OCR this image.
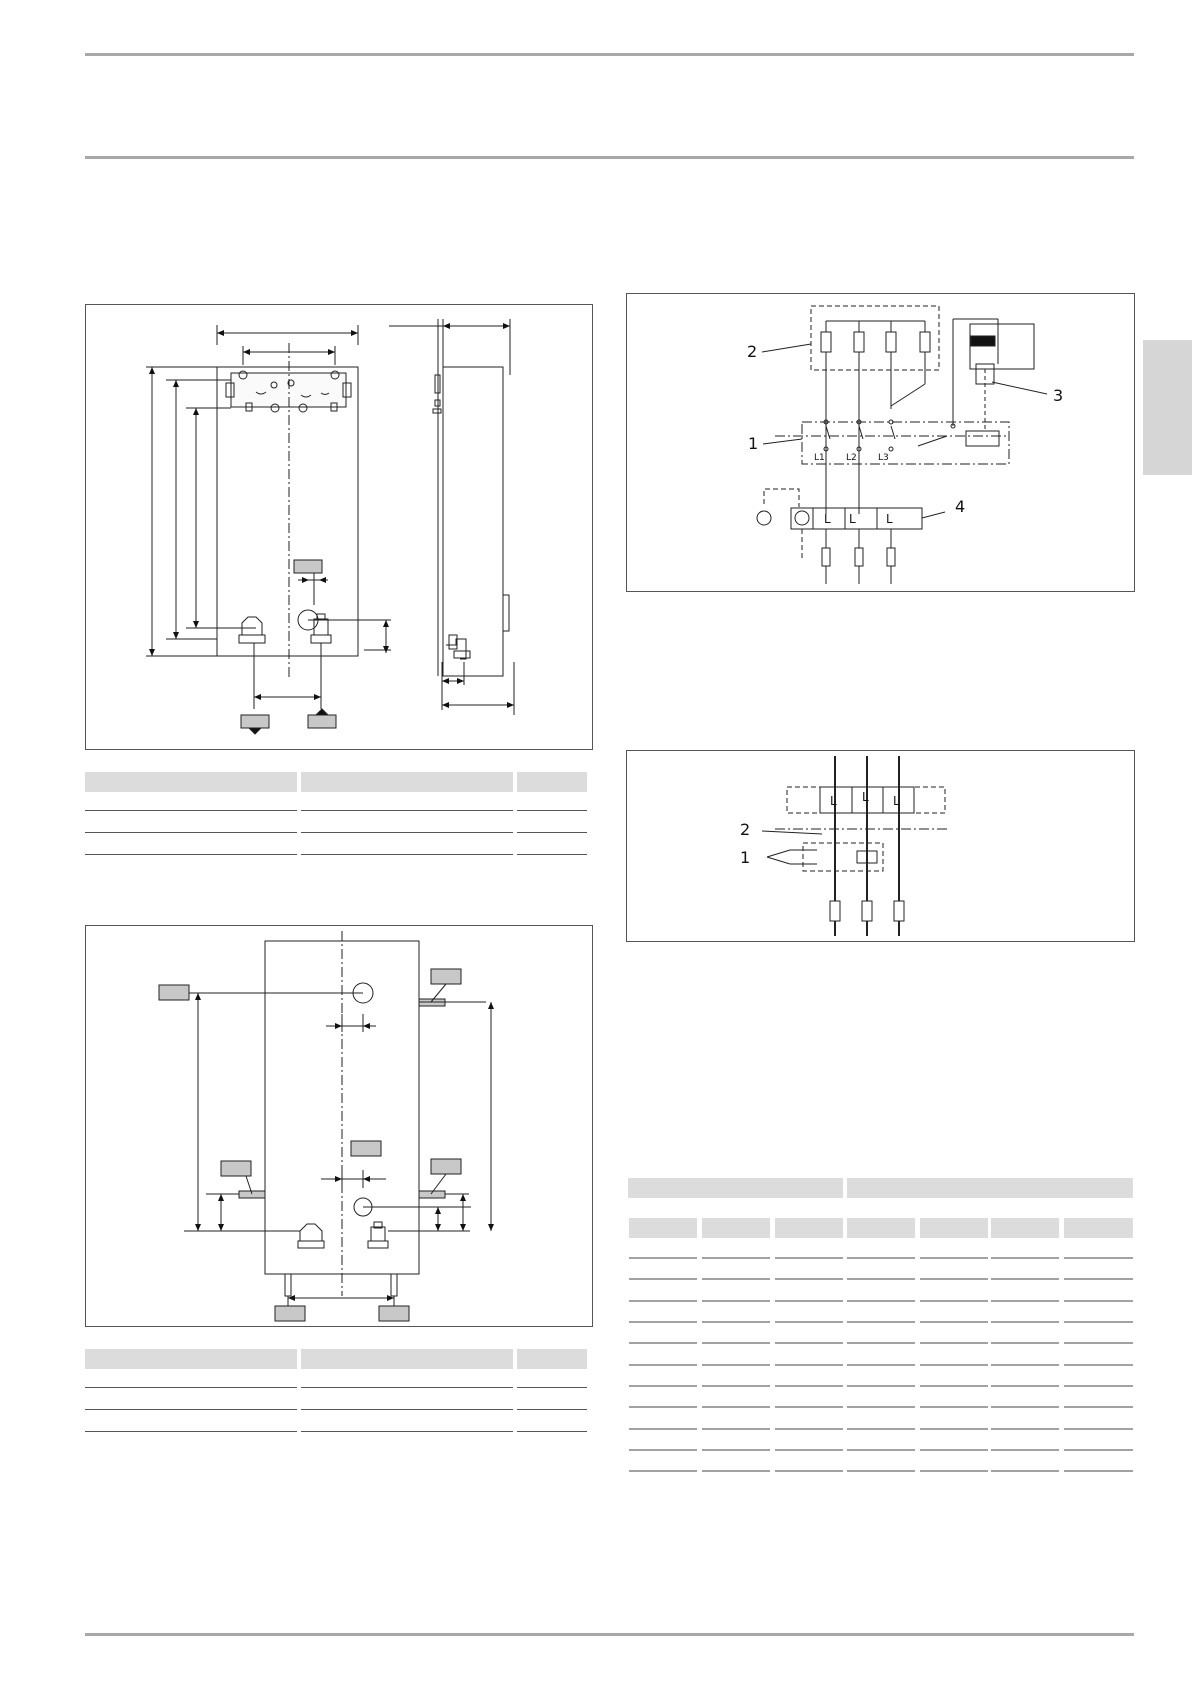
2
1
3
4
L1 L2 L3
L L	L
2
1
L L L
